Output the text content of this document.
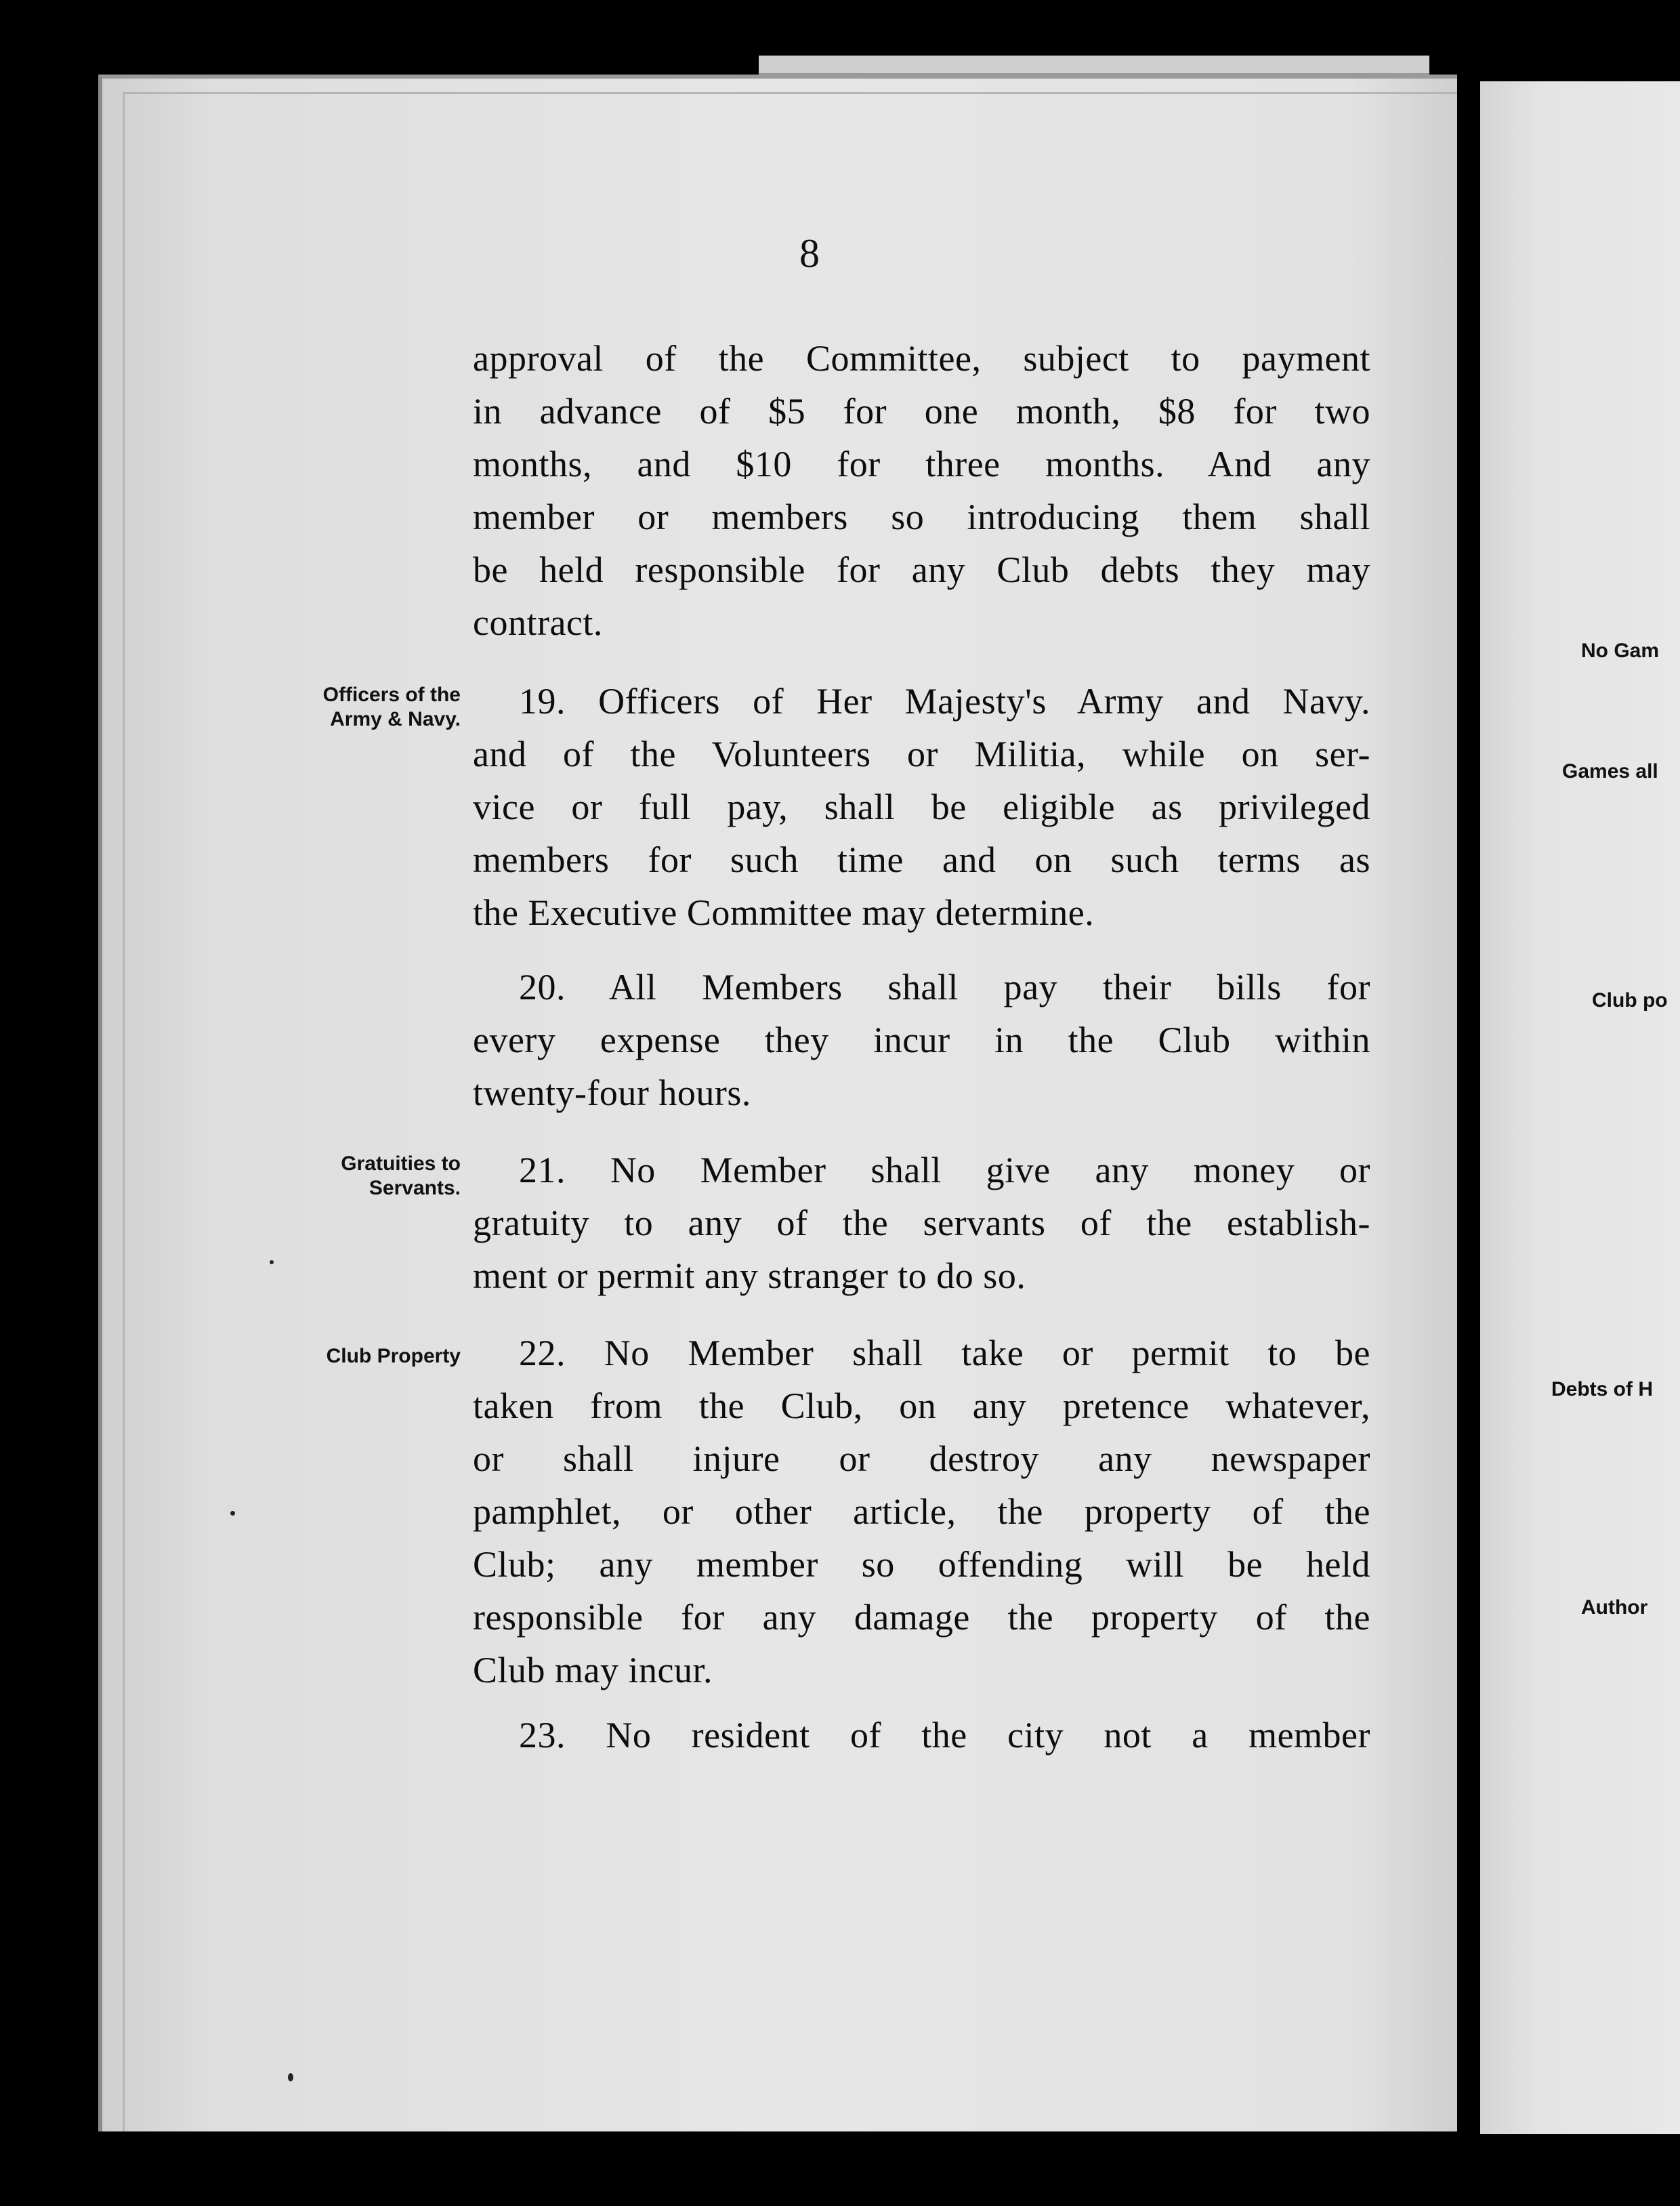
8
approval of the Committee, subject to payment
in advance of $5 for one month, $8 for two
months, and $10 for three months. And any
member or members so introducing them shall
be held responsible for any Club debts they may
contract.
19. Officers of Her Majesty's Army and Navy.
and of the Volunteers or Militia, while on ser-
vice or full pay, shall be eligible as privileged
members for such time and on such terms as
the Executive Committee may determine.
20. All Members shall pay their bills for
every expense they incur in the Club within
twenty-four hours.
21. No Member shall give any money or
gratuity to any of the servants of the establish-
ment or permit any stranger to do so.
22. No Member shall take or permit to be
taken from the Club, on any pretence whatever,
or shall injure or destroy any newspaper
pamphlet, or other article, the property of the
Club; any member so offending will be held
responsible for any damage the property of the
Club may incur.
23. No resident of the city not a member
Officers of the
Army & Navy.
Gratuities to
Servants.
Club Property
No Gam
Games all
Club po
Debts of H
Author
